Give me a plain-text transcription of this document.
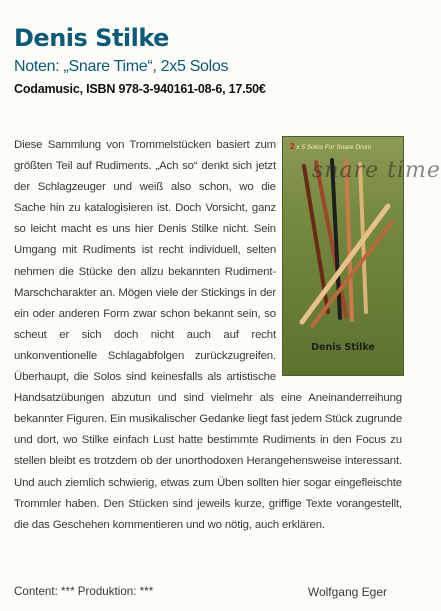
Denis Stilke
Noten: „Snare Time“, 2x5 Solos
Codamusic, ISBN 978-3-940161-08-6, 17.50€
Diese Sammlung von Trommelstücken basiert zum größten Teil auf Rudiments. „Ach so“ denkt sich jetzt der Schlagzeuger und weiß also schon, wo die Sache hin zu katalogisieren ist. Doch Vorsicht, ganz so leicht macht es uns hier Denis Stilke nicht. Sein Umgang mit Rudiments ist recht individuell, selten nehmen die Stücke den allzu bekannten Rudiment-Marschcharakter an. Mögen viele der Stickings in der ein oder anderen Form zwar schon bekannt sein, so scheut er sich doch nicht auch auf recht unkonventionelle Schlagabfolgen zurückzugreifen. Überhaupt, die Solos sind keinesfalls als artistische Handsatzübungen abzutun und sind vielmehr als eine Aneinanderreihung bekannter Figuren. Ein musikalischer Gedanke liegt fast jedem Stück zugrunde und dort, wo Stilke einfach Lust hatte bestimmte Rudiments in den Focus zu stellen bleibt es trotzdem ob der unorthodoxen Herangehensweise interessant. Und auch ziemlich schwierig, etwas zum Üben sollten hier sogar eingefleischte Trommler haben. Den Stücken sind jeweils kurze, griffige Texte vorangestellt, die das Geschehen kommentieren und wo nötig, auch erklären.
2 x 5 Solos For Snare Drum
snare time
Denis Stilke
Content: *** Produktion: ***	Wolfgang Eger
